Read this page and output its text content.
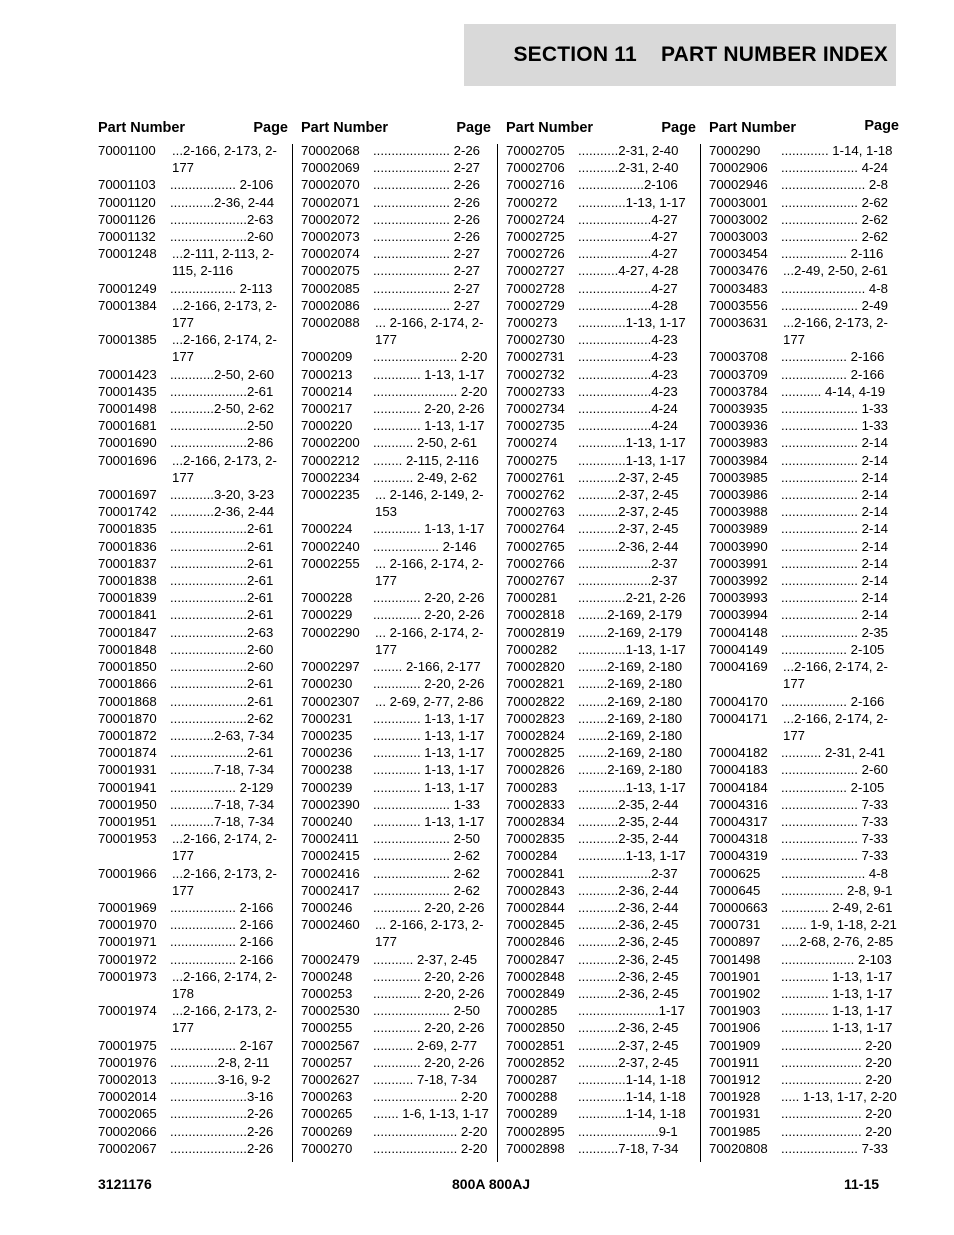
SECTION 11    PART NUMBER INDEX
Part Number	Page
70001100	...2-166, 2-173, 2-177
70001103	.................. 2-106
70001120	............2-36, 2-44
70001126	.....................2-63
70001132	.....................2-60
70001248	...2-111, 2-113, 2-115, 2-116
70001249	.................. 2-113
70001384	...2-166, 2-173, 2-177
70001385	...2-166, 2-174, 2-177
70001423	............2-50, 2-60
70001435	.....................2-61
70001498	............2-50, 2-62
70001681	.....................2-50
70001690	.....................2-86
70001696	...2-166, 2-173, 2-177
70001697	............3-20, 3-23
70001742	............2-36, 2-44
70001835	.....................2-61
70001836	.....................2-61
70001837	.....................2-61
70001838	.....................2-61
70001839	.....................2-61
70001841	.....................2-61
70001847	.....................2-63
70001848	.....................2-60
70001850	.....................2-60
70001866	.....................2-61
70001868	.....................2-61
70001870	.....................2-62
70001872	............2-63, 7-34
70001874	.....................2-61
70001931	............7-18, 7-34
70001941	.................. 2-129
70001950	............7-18, 7-34
70001951	............7-18, 7-34
70001953	...2-166, 2-174, 2-177
70001966	...2-166, 2-173, 2-177
70001969	.................. 2-166
70001970	.................. 2-166
70001971	.................. 2-166
70001972	.................. 2-166
70001973	...2-166, 2-174, 2-178
70001974	...2-166, 2-173, 2-177
70001975	.................. 2-167
70001976	.............2-8, 2-11
70002013	.............3-16, 9-2
70002014	.....................3-16
70002065	.....................2-26
70002066	.....................2-26
70002067	.....................2-26
Part Number	Page
70002068	..................... 2-26
70002069	..................... 2-27
70002070	..................... 2-26
70002071	..................... 2-26
70002072	..................... 2-26
70002073	..................... 2-26
70002074	..................... 2-27
70002075	..................... 2-27
70002085	..................... 2-27
70002086	..................... 2-27
70002088	... 2-166, 2-174, 2-177
7000209	....................... 2-20
7000213	............. 1-13, 1-17
7000214	....................... 2-20
7000217	............. 2-20, 2-26
7000220	............. 1-13, 1-17
70002200	........... 2-50, 2-61
70002212	........ 2-115, 2-116
70002234	........... 2-49, 2-62
70002235	... 2-146, 2-149, 2-153
7000224	............. 1-13, 1-17
70002240	.................. 2-146
70002255	... 2-166, 2-174, 2-177
7000228	............. 2-20, 2-26
7000229	............. 2-20, 2-26
70002290	... 2-166, 2-174, 2-177
70002297	........ 2-166, 2-177
7000230	............. 2-20, 2-26
70002307	... 2-69, 2-77, 2-86
7000231	............. 1-13, 1-17
7000235	............. 1-13, 1-17
7000236	............. 1-13, 1-17
7000238	............. 1-13, 1-17
7000239	............. 1-13, 1-17
70002390	..................... 1-33
7000240	............. 1-13, 1-17
70002411	..................... 2-50
70002415	..................... 2-62
70002416	..................... 2-62
70002417	..................... 2-62
7000246	............. 2-20, 2-26
70002460	... 2-166, 2-173, 2-177
70002479	........... 2-37, 2-45
7000248	............. 2-20, 2-26
7000253	............. 2-20, 2-26
70002530	..................... 2-50
7000255	............. 2-20, 2-26
70002567	........... 2-69, 2-77
7000257	............. 2-20, 2-26
70002627	........... 7-18, 7-34
7000263	....................... 2-20
7000265	....... 1-6, 1-13, 1-17
7000269	....................... 2-20
7000270	....................... 2-20
Part Number	Page
70002705	...........2-31, 2-40
70002706	...........2-31, 2-40
70002716	..................2-106
7000272	.............1-13, 1-17
70002724	....................4-27
70002725	....................4-27
70002726	....................4-27
70002727	...........4-27, 4-28
70002728	....................4-27
70002729	....................4-28
7000273	.............1-13, 1-17
70002730	....................4-23
70002731	....................4-23
70002732	....................4-23
70002733	....................4-23
70002734	....................4-24
70002735	....................4-24
7000274	.............1-13, 1-17
7000275	.............1-13, 1-17
70002761	...........2-37, 2-45
70002762	...........2-37, 2-45
70002763	...........2-37, 2-45
70002764	...........2-37, 2-45
70002765	...........2-36, 2-44
70002766	....................2-37
70002767	....................2-37
7000281	.............2-21, 2-26
70002818	........2-169, 2-179
70002819	........2-169, 2-179
7000282	.............1-13, 1-17
70002820	........2-169, 2-180
70002821	........2-169, 2-180
70002822	........2-169, 2-180
70002823	........2-169, 2-180
70002824	........2-169, 2-180
70002825	........2-169, 2-180
70002826	........2-169, 2-180
7000283	.............1-13, 1-17
70002833	...........2-35, 2-44
70002834	...........2-35, 2-44
70002835	...........2-35, 2-44
7000284	.............1-13, 1-17
70002841	....................2-37
70002843	...........2-36, 2-44
70002844	...........2-36, 2-44
70002845	...........2-36, 2-45
70002846	...........2-36, 2-45
70002847	...........2-36, 2-45
70002848	...........2-36, 2-45
70002849	...........2-36, 2-45
7000285	......................1-17
70002850	...........2-36, 2-45
70002851	...........2-37, 2-45
70002852	...........2-37, 2-45
7000287	.............1-14, 1-18
7000288	.............1-14, 1-18
7000289	.............1-14, 1-18
70002895	......................9-1
70002898	...........7-18, 7-34
Part Number	Page
7000290	............. 1-14, 1-18
70002906	..................... 4-24
70002946	....................... 2-8
70003001	..................... 2-62
70003002	..................... 2-62
70003003	..................... 2-62
70003454	.................. 2-116
70003476	...2-49, 2-50, 2-61
70003483	....................... 4-8
70003556	..................... 2-49
70003631	...2-166, 2-173, 2-177
70003708	.................. 2-166
70003709	.................. 2-166
70003784	........... 4-14, 4-19
70003935	..................... 1-33
70003936	..................... 1-33
70003983	..................... 2-14
70003984	..................... 2-14
70003985	..................... 2-14
70003986	..................... 2-14
70003988	..................... 2-14
70003989	..................... 2-14
70003990	..................... 2-14
70003991	..................... 2-14
70003992	..................... 2-14
70003993	..................... 2-14
70003994	..................... 2-14
70004148	..................... 2-35
70004149	.................. 2-105
70004169	...2-166, 2-174, 2-177
70004170	.................. 2-166
70004171	...2-166, 2-174, 2-177
70004182	........... 2-31, 2-41
70004183	..................... 2-60
70004184	.................. 2-105
70004316	..................... 7-33
70004317	..................... 7-33
70004318	..................... 7-33
70004319	..................... 7-33
7000625	....................... 4-8
7000645	................. 2-8, 9-1
70000663	............. 2-49, 2-61
7000731	....... 1-9, 1-18, 2-21
7000897	.....2-68, 2-76, 2-85
7001498	.................... 2-103
7001901	............. 1-13, 1-17
7001902	............. 1-13, 1-17
7001903	............. 1-13, 1-17
7001906	............. 1-13, 1-17
7001909	...................... 2-20
7001911	...................... 2-20
7001912	...................... 2-20
7001928	..... 1-13, 1-17, 2-20
7001931	...................... 2-20
7001985	...................... 2-20
70020808	..................... 7-33
3121176	800A 800AJ	11-15
